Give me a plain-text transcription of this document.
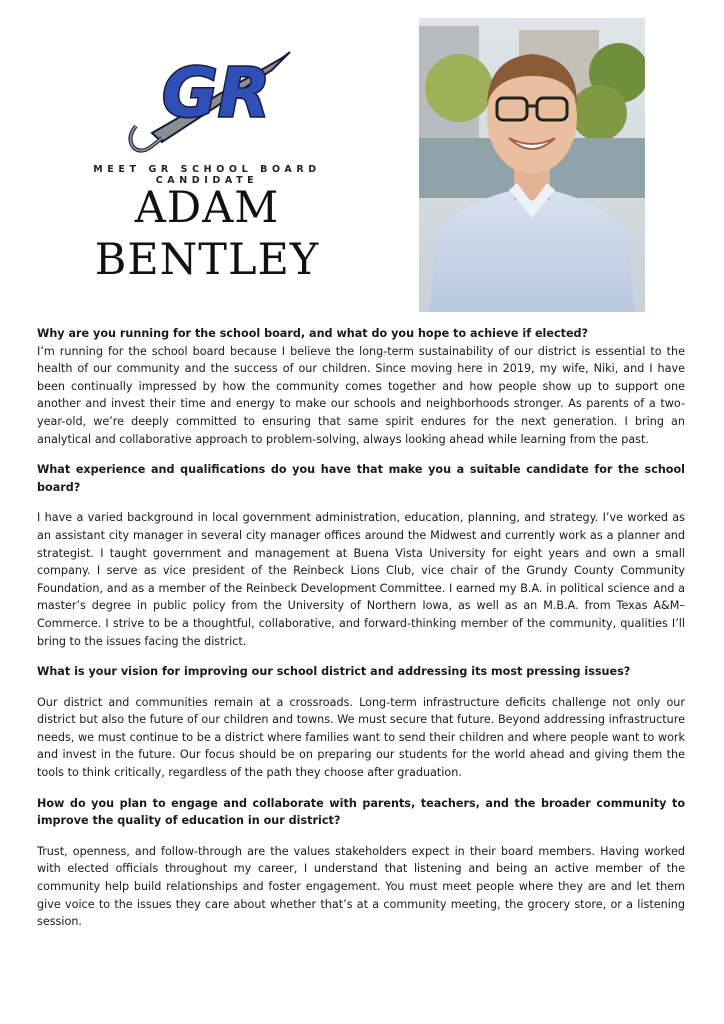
GR
MEET GR SCHOOL BOARD CANDIDATE
ADAM
BENTLEY

Why are you running for the school board, and what do you hope to achieve if elected?

I’m running for the school board because I believe the long-term sustainability of our district is essential to the health of our community and the success of our children. Since moving here in 2019, my wife, Niki, and I have been continually impressed by how the community comes together and how people show up to support one another and invest their time and energy to make our schools and neighborhoods stronger. As parents of a two-year-old, we’re deeply committed to ensuring that same spirit endures for the next generation. I bring an analytical and collaborative approach to problem-solving, always looking ahead while learning from the past.

What experience and qualifications do you have that make you a suitable candidate for the school board?

I have a varied background in local government administration, education, planning, and strategy. I’ve worked as an assistant city manager in several city manager offices around the Midwest and currently work as a planner and strategist. I taught government and management at Buena Vista University for eight years and own a small company. I serve as vice president of the Reinbeck Lions Club, vice chair of the Grundy County Community Foundation, and as a member of the Reinbeck Development Committee. I earned my B.A. in political science and a master’s degree in public policy from the University of Northern Iowa, as well as an M.B.A. from Texas A&M–Commerce. I strive to be a thoughtful, collaborative, and forward-thinking member of the community, qualities I’ll bring to the issues facing the district.

What is your vision for improving our school district and addressing its most pressing issues?

Our district and communities remain at a crossroads. Long-term infrastructure deficits challenge not only our district but also the future of our children and towns. We must secure that future. Beyond addressing infrastructure needs, we must continue to be a district where families want to send their children and where people want to work and invest in the future. Our focus should be on preparing our students for the world ahead and giving them the tools to think critically, regardless of the path they choose after graduation.

How do you plan to engage and collaborate with parents, teachers, and the broader community to improve the quality of education in our district?

Trust, openness, and follow-through are the values stakeholders expect in their board members. Having worked with elected officials throughout my career, I understand that listening and being an active member of the community help build relationships and foster engagement. You must meet people where they are and let them give voice to the issues they care about whether that’s at a community meeting, the grocery store, or a listening session.
